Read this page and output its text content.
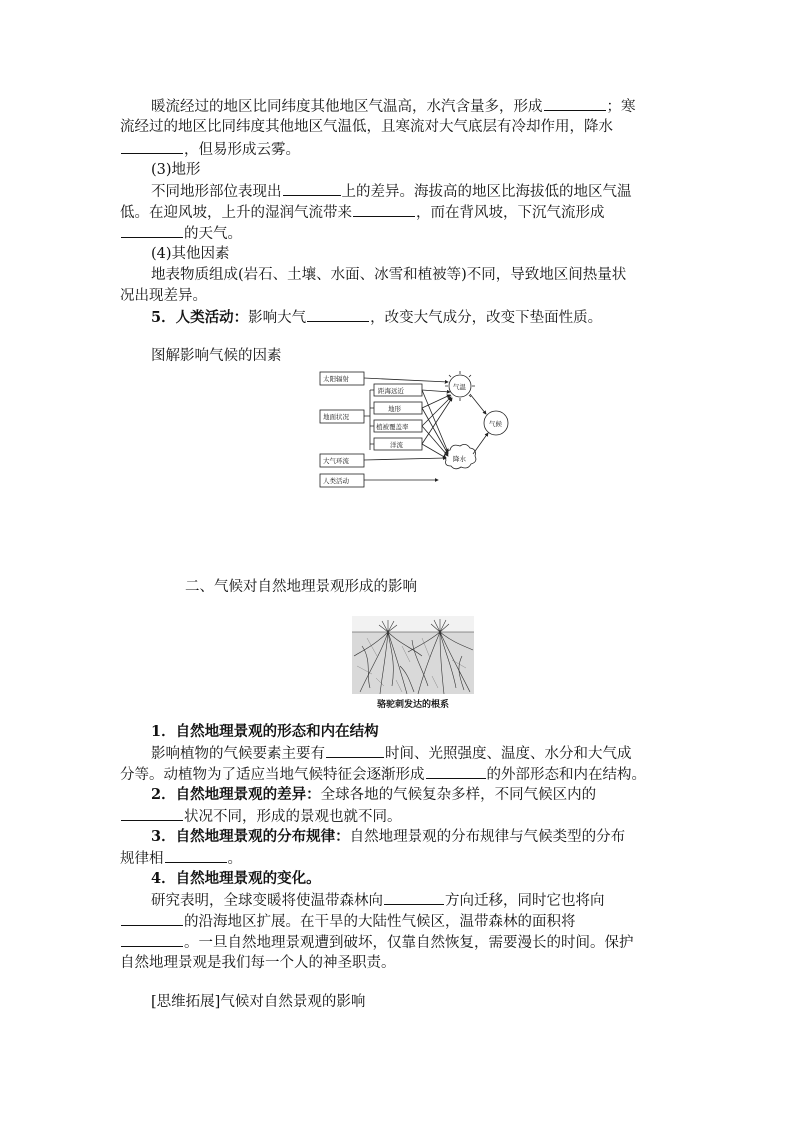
暖流经过的地区比同纬度其他地区气温高，水汽含量多，形成	；寒
流经过的地区比同纬度其他地区气温低，且寒流对大气底层有冷却作用，降水
，但易形成云雾。
(3)地形
不同地形部位表现出	上的差异。海拔高的地区比海拔低的地区气温
低。在迎风坡，上升的湿润气流带来	，而在背风坡，下沉气流形成
的天气。
(4)其他因素
地表物质组成(岩石、土壤、水面、冰雪和植被等)不同，导致地区间热量状
况出现差异。
5．人类活动：影响大气	，改变大气成分，改变下垫面性质。
图解影响气候的因素
太阳辐射
地面状况
大气环流
人类活动
距海远近
地形
植被覆盖率
洋流
气温
降水
气候
二、气候对自然地理景观形成的影响
骆驼刺发达的根系
1．自然地理景观的形态和内在结构
影响植物的气候要素主要有	时间、光照强度、温度、水分和大气成
分等。动植物为了适应当地气候特征会逐渐形成	的外部形态和内在结构。
2．自然地理景观的差异：全球各地的气候复杂多样，不同气候区内的
状况不同，形成的景观也就不同。
3．自然地理景观的分布规律：自然地理景观的分布规律与气候类型的分布
规律相	。
4．自然地理景观的变化。
研究表明，全球变暖将使温带森林向	方向迁移，同时它也将向
的沿海地区扩展。在干旱的大陆性气候区，温带森林的面积将
。一旦自然地理景观遭到破坏，仅靠自然恢复，需要漫长的时间。保护
自然地理景观是我们每一个人的神圣职责。
[思维拓展]气候对自然景观的影响
